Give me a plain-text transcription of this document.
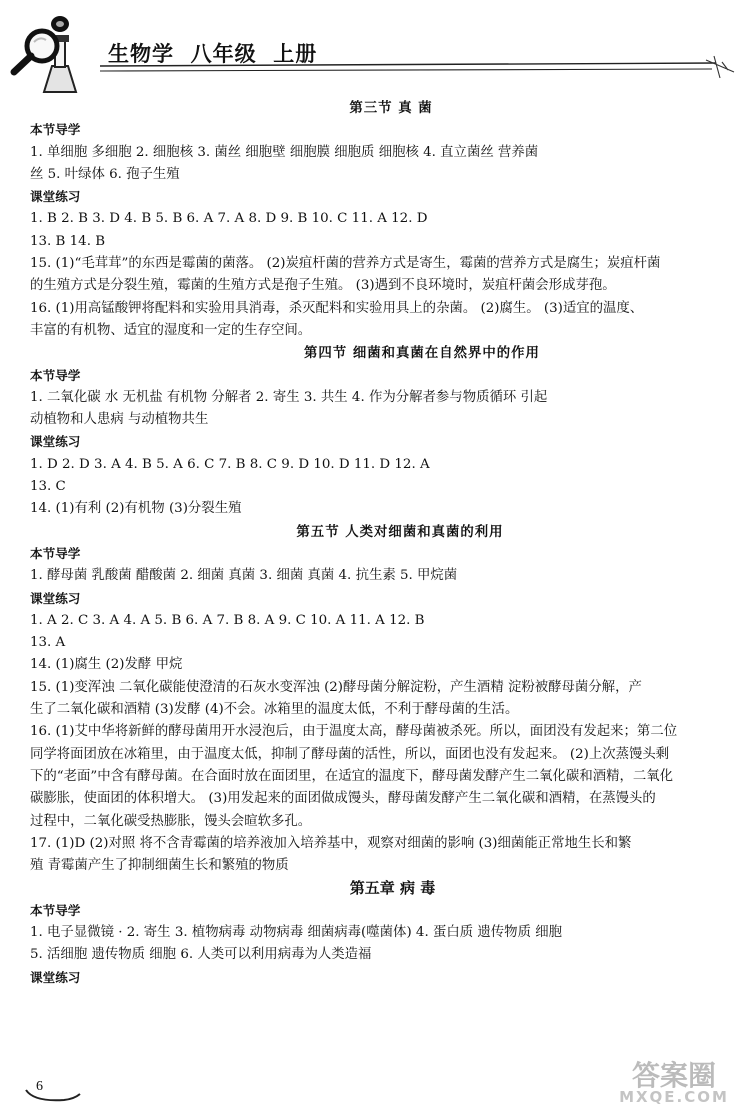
生物学  八年级  上册
第三节 真 菌
本节导学
1. 单细胞 多细胞 2. 细胞核 3. 菌丝 细胞壁 细胞膜 细胞质 细胞核 4. 直立菌丝 营养菌
丝 5. 叶绿体 6. 孢子生殖
课堂练习
1. B 2. B 3. D 4. B 5. B 6. A 7. A 8. D 9. B 10. C 11. A 12. D
13. B 14. B
15. (1)“毛茸茸”的东西是霉菌的菌落。 (2)炭疽杆菌的营养方式是寄生，霉菌的营养方式是腐生；炭疽杆菌
的生殖方式是分裂生殖，霉菌的生殖方式是孢子生殖。 (3)遇到不良环境时，炭疽杆菌会形成芽孢。
16. (1)用高锰酸钾将配料和实验用具消毒，杀灭配料和实验用具上的杂菌。 (2)腐生。 (3)适宜的温度、
丰富的有机物、适宜的湿度和一定的生存空间。
第四节 细菌和真菌在自然界中的作用
本节导学
1. 二氧化碳 水 无机盐 有机物 分解者 2. 寄生 3. 共生 4. 作为分解者参与物质循环 引起
动植物和人患病 与动植物共生
课堂练习
1. D 2. D 3. A 4. B 5. A 6. C 7. B 8. C 9. D 10. D 11. D 12. A
13. C
14. (1)有利 (2)有机物 (3)分裂生殖
第五节 人类对细菌和真菌的利用
本节导学
1. 酵母菌 乳酸菌 醋酸菌 2. 细菌 真菌 3. 细菌 真菌 4. 抗生素 5. 甲烷菌
课堂练习
1. A 2. C 3. A 4. A 5. B 6. A 7. B 8. A 9. C 10. A 11. A 12. B
13. A
14. (1)腐生 (2)发酵 甲烷
15. (1)变浑浊 二氧化碳能使澄清的石灰水变浑浊 (2)酵母菌分解淀粉，产生酒精 淀粉被酵母菌分解，产
生了二氧化碳和酒精 (3)发酵 (4)不会。冰箱里的温度太低，不利于酵母菌的生活。
16. (1)艾中华将新鲜的酵母菌用开水浸泡后，由于温度太高，酵母菌被杀死。所以，面团没有发起来；第二位
同学将面团放在冰箱里，由于温度太低，抑制了酵母菌的活性，所以，面团也没有发起来。 (2)上次蒸馒头剩
下的“老面”中含有酵母菌。在合面时放在面团里，在适宜的温度下，酵母菌发酵产生二氧化碳和酒精，二氧化
碳膨胀，使面团的体积增大。 (3)用发起来的面团做成馒头，酵母菌发酵产生二氧化碳和酒精，在蒸馒头的
过程中，二氧化碳受热膨胀，馒头会暄软多孔。
17. (1)D (2)对照 将不含青霉菌的培养液加入培养基中，观察对细菌的影响 (3)细菌能正常地生长和繁
殖 青霉菌产生了抑制细菌生长和繁殖的物质
第五章 病 毒
本节导学
1. 电子显微镜 · 2. 寄生 3. 植物病毒 动物病毒 细菌病毒(噬菌体) 4. 蛋白质 遗传物质 细胞
5. 活细胞 遗传物质 细胞 6. 人类可以利用病毒为人类造福
课堂练习
6	答案圈
MXQE.COM
